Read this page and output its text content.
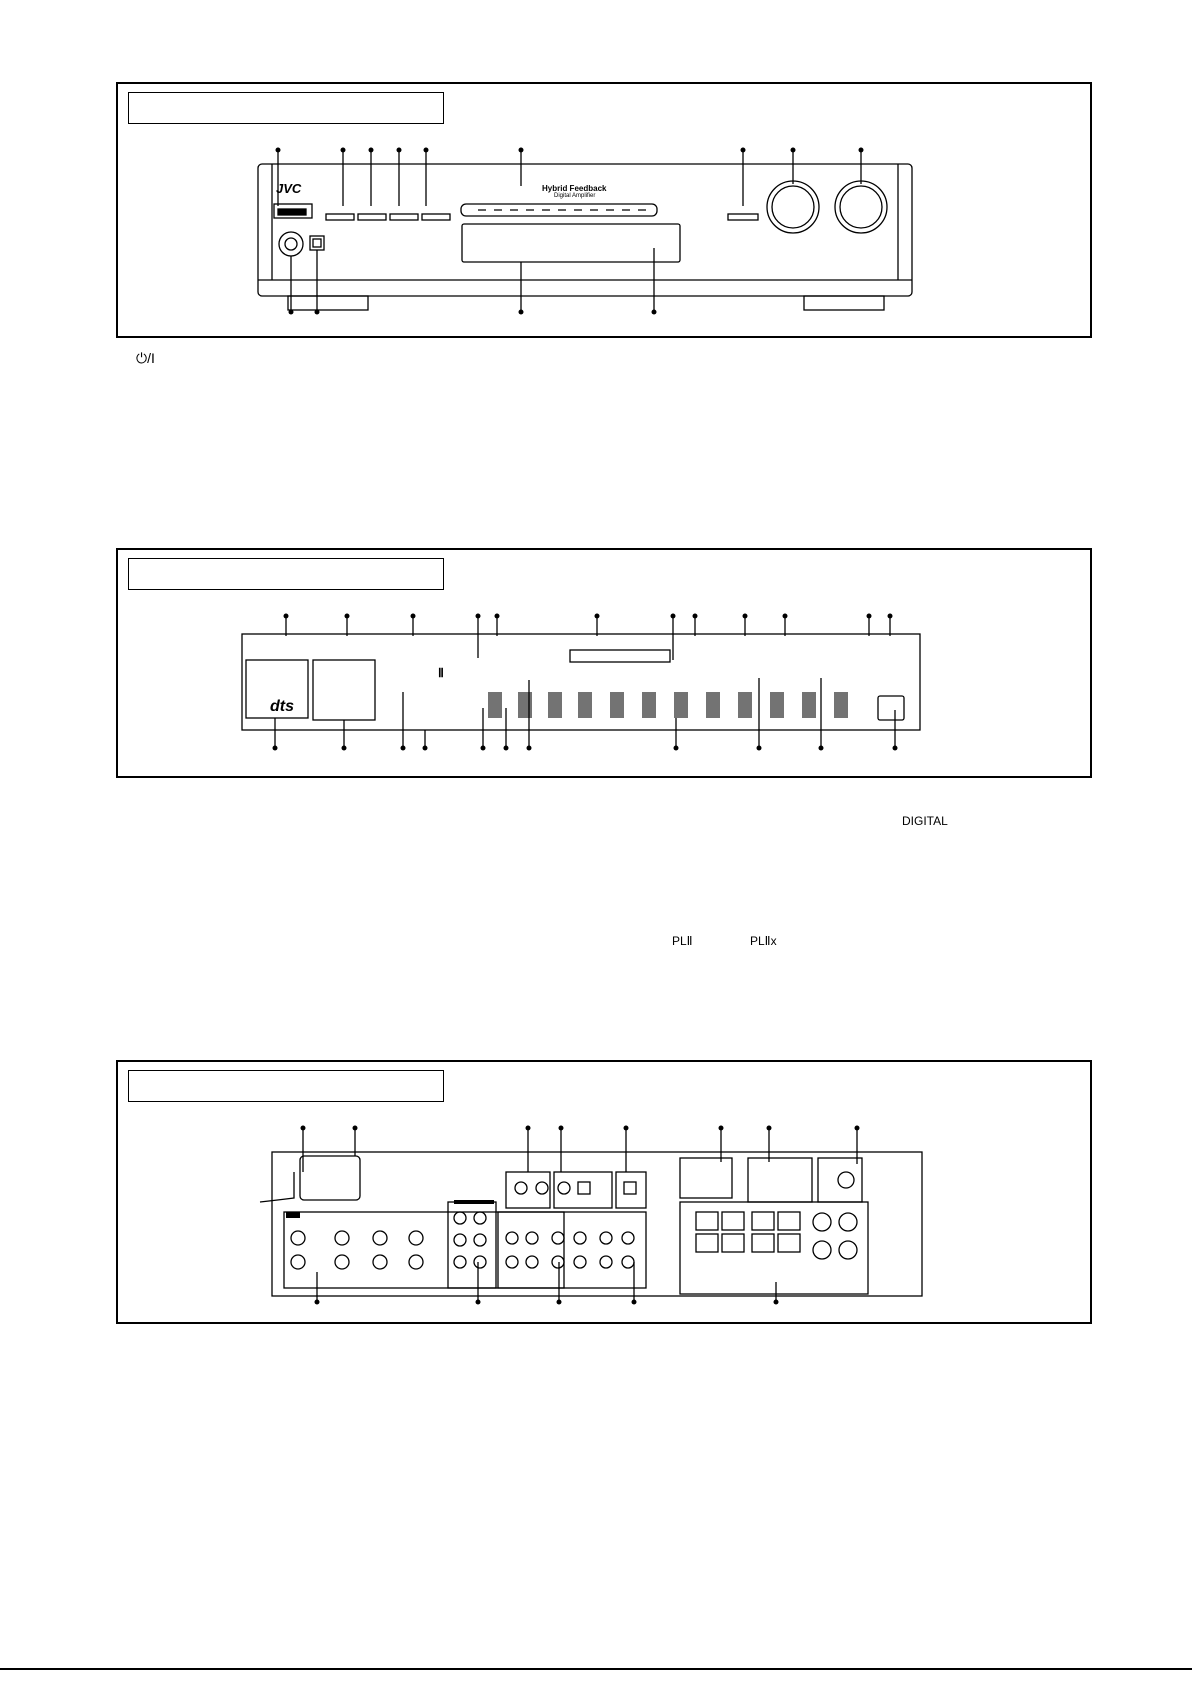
JVC	Hybrid Feedback
Digital Amplifier
⏻/I
dts
Ⅱ
DIGITAL
PLⅡ	PLⅡx
